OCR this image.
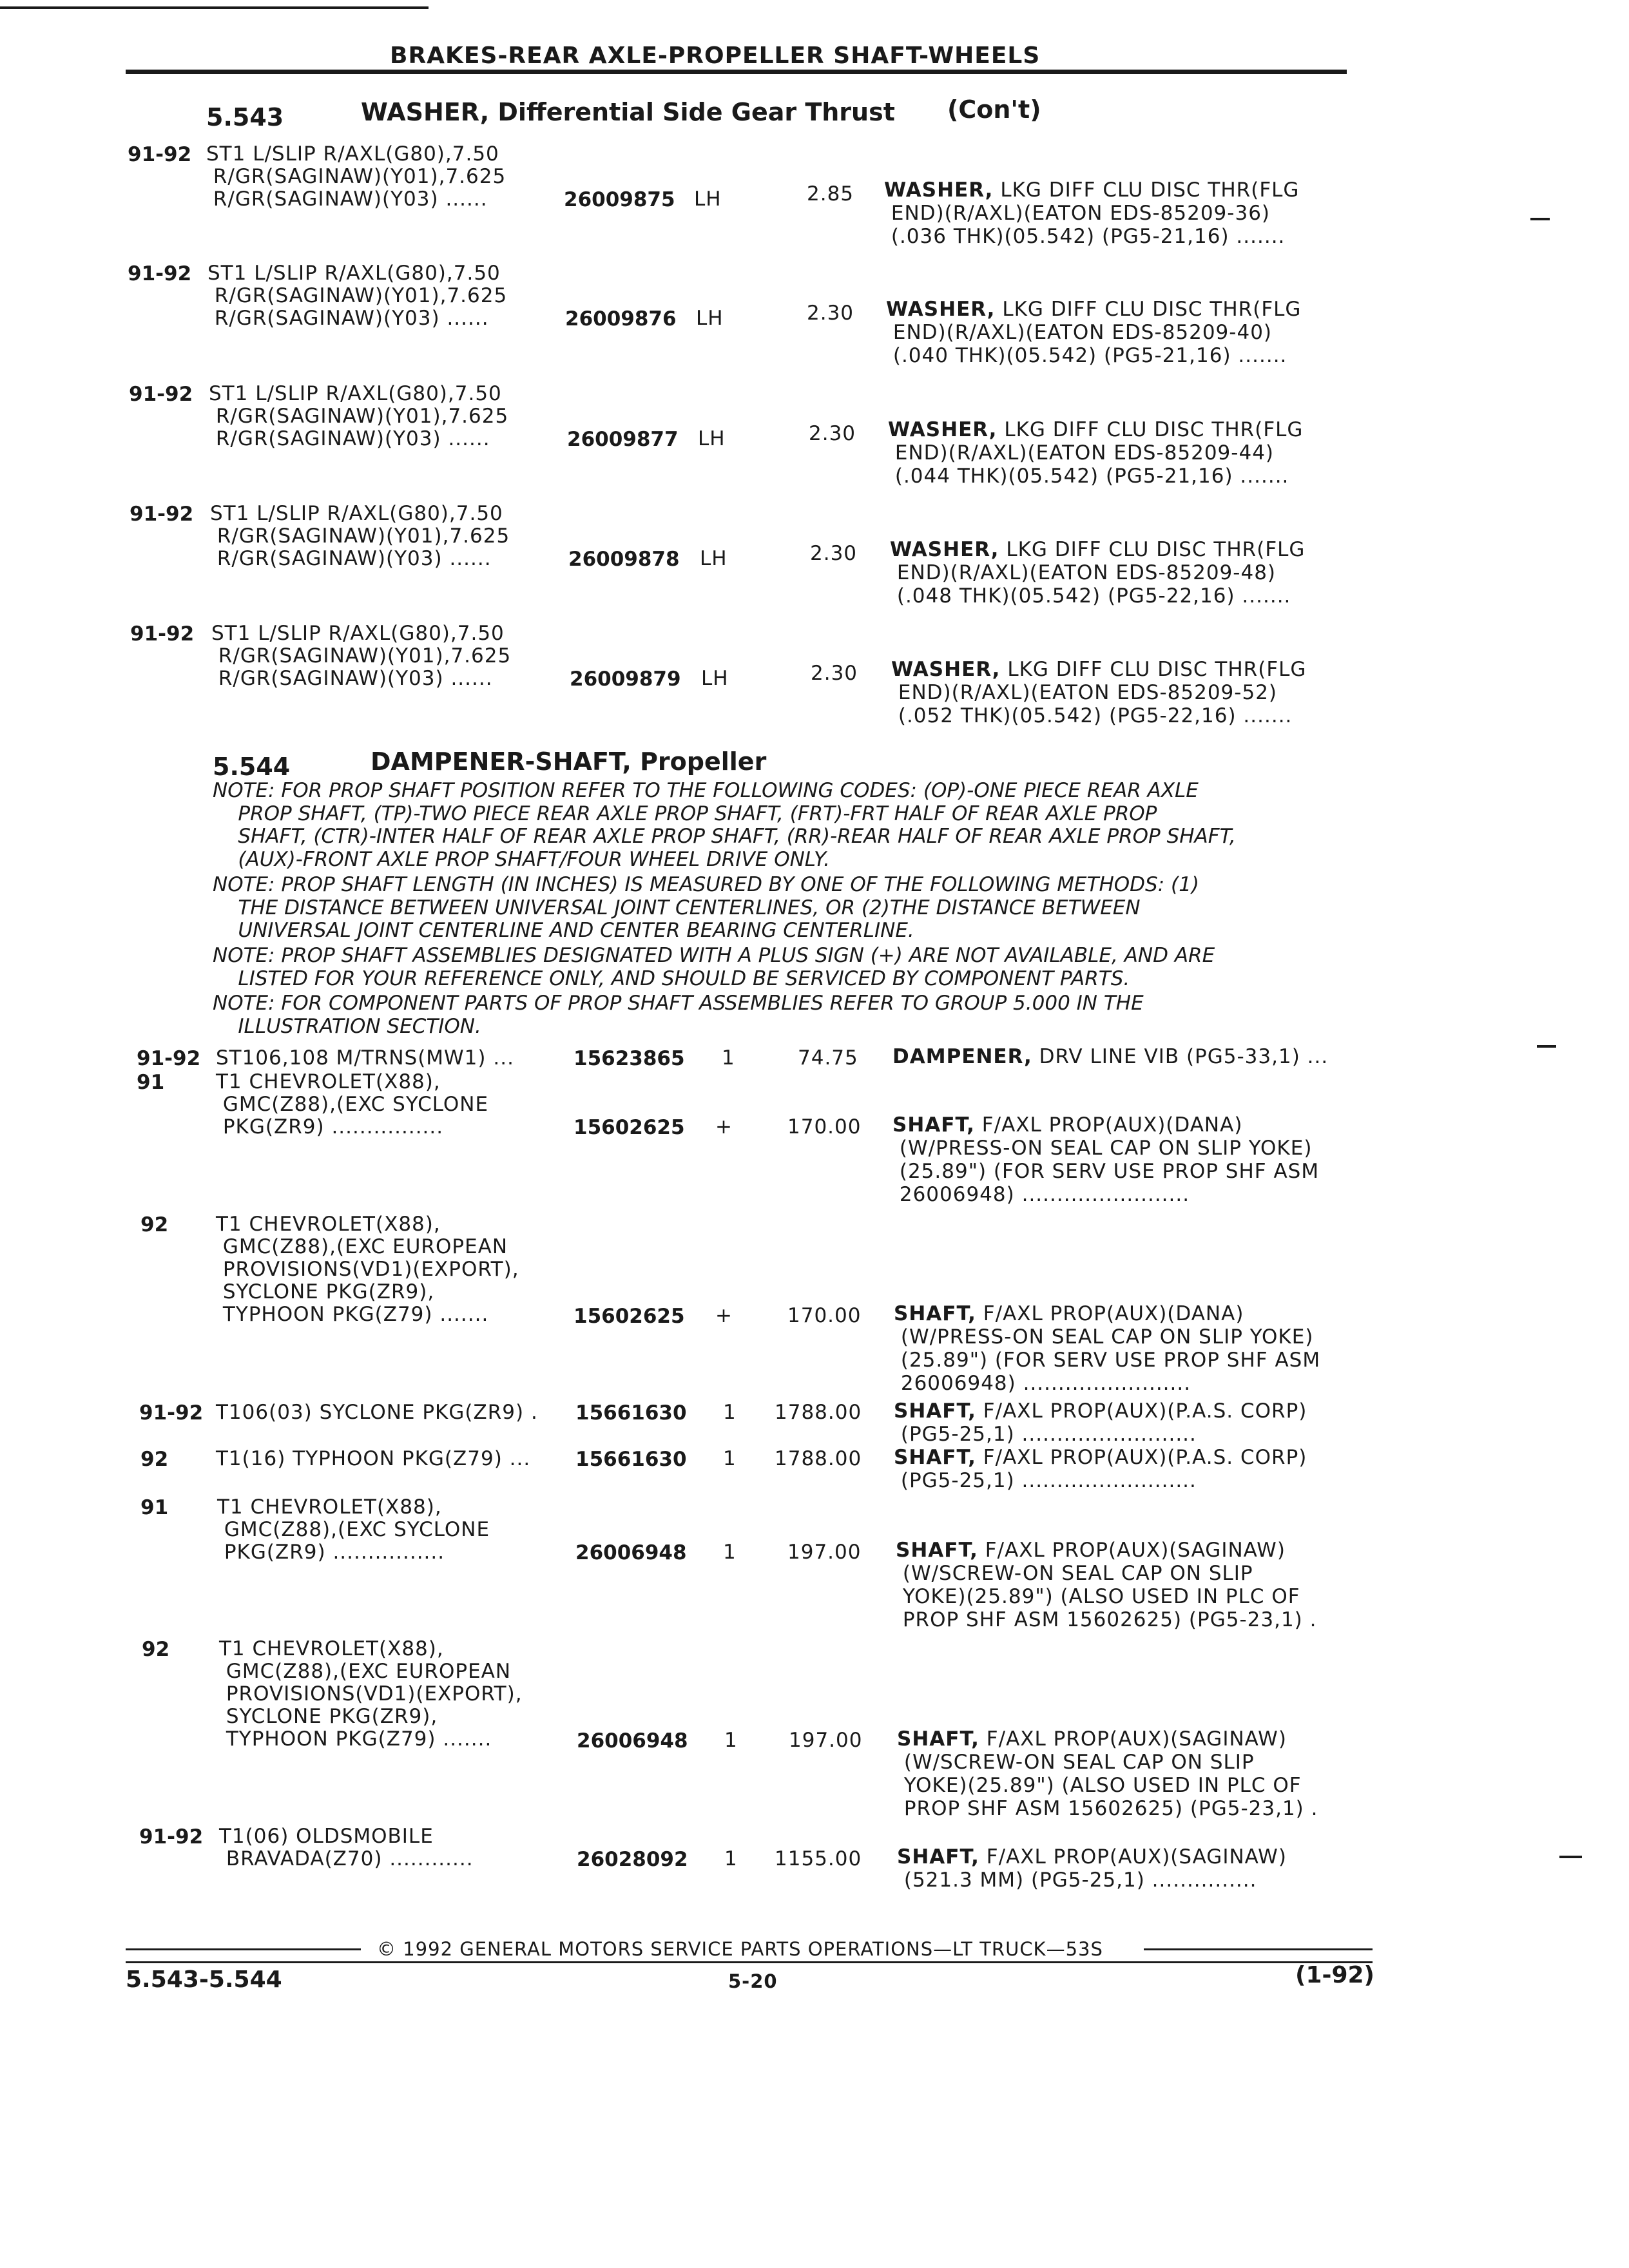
BRAKES-REAR AXLE-PROPELLER SHAFT-WHEELS
5.543	WASHER, Differential Side Gear Thrust (Con't)
91-92 ST1 L/SLIP R/AXL(G80),7.50
R/GR(SAGINAW)(Y01),7.625
R/GR(SAGINAW)(Y03) ......	26009875 LH	2.85 WASHER, LKG DIFF CLU DISC THR(FLG
END)(R/AXL)(EATON EDS-85209-36)
(.036 THK)(05.542) (PG5-21,16) .......
91-92 ST1 L/SLIP R/AXL(G80),7.50
R/GR(SAGINAW)(Y01),7.625
R/GR(SAGINAW)(Y03) ......	26009876 LH	2.30 WASHER, LKG DIFF CLU DISC THR(FLG
END)(R/AXL)(EATON EDS-85209-40)
(.040 THK)(05.542) (PG5-21,16) .......
91-92 ST1 L/SLIP R/AXL(G80),7.50
R/GR(SAGINAW)(Y01),7.625
R/GR(SAGINAW)(Y03) ......	26009877 LH	2.30 WASHER, LKG DIFF CLU DISC THR(FLG
END)(R/AXL)(EATON EDS-85209-44)
(.044 THK)(05.542) (PG5-21,16) .......
91-92 ST1 L/SLIP R/AXL(G80),7.50
R/GR(SAGINAW)(Y01),7.625
R/GR(SAGINAW)(Y03) ......	26009878 LH	2.30 WASHER, LKG DIFF CLU DISC THR(FLG
END)(R/AXL)(EATON EDS-85209-48)
(.048 THK)(05.542) (PG5-22,16) .......
91-92 ST1 L/SLIP R/AXL(G80),7.50
R/GR(SAGINAW)(Y01),7.625
R/GR(SAGINAW)(Y03) ......	26009879 LH	2.30 WASHER, LKG DIFF CLU DISC THR(FLG
END)(R/AXL)(EATON EDS-85209-52)
(.052 THK)(05.542) (PG5-22,16) .......
5.544	DAMPENER-SHAFT, Propeller
NOTE: FOR PROP SHAFT POSITION REFER TO THE FOLLOWING CODES: (OP)-ONE PIECE REAR AXLE
PROP SHAFT, (TP)-TWO PIECE REAR AXLE PROP SHAFT, (FRT)-FRT HALF OF REAR AXLE PROP
SHAFT, (CTR)-INTER HALF OF REAR AXLE PROP SHAFT, (RR)-REAR HALF OF REAR AXLE PROP SHAFT,
(AUX)-FRONT AXLE PROP SHAFT/FOUR WHEEL DRIVE ONLY.
NOTE: PROP SHAFT LENGTH (IN INCHES) IS MEASURED BY ONE OF THE FOLLOWING METHODS: (1)
THE DISTANCE BETWEEN UNIVERSAL JOINT CENTERLINES, OR (2)THE DISTANCE BETWEEN
UNIVERSAL JOINT CENTERLINE AND CENTER BEARING CENTERLINE.
NOTE: PROP SHAFT ASSEMBLIES DESIGNATED WITH A PLUS SIGN (+) ARE NOT AVAILABLE, AND ARE
LISTED FOR YOUR REFERENCE ONLY, AND SHOULD BE SERVICED BY COMPONENT PARTS.
NOTE: FOR COMPONENT PARTS OF PROP SHAFT ASSEMBLIES REFER TO GROUP 5.000 IN THE
ILLUSTRATION SECTION.
91-92 ST106,108 M/TRNS(MW1) ...	15623865 1	74.75 DAMPENER, DRV LINE VIB (PG5-33,1) ...
91	T1 CHEVROLET(X88),
GMC(Z88),(EXC SYCLONE
PKG(ZR9) ................	15602625 +	170.00 SHAFT, F/AXL PROP(AUX)(DANA)
(W/PRESS-ON SEAL CAP ON SLIP YOKE)
(25.89") (FOR SERV USE PROP SHF ASM
26006948) ........................
92 T1 CHEVROLET(X88),
GMC(Z88),(EXC EUROPEAN
PROVISIONS(VD1)(EXPORT),
SYCLONE PKG(ZR9),
TYPHOON PKG(Z79) .......	15602625 +	170.00 SHAFT, F/AXL PROP(AUX)(DANA)
(W/PRESS-ON SEAL CAP ON SLIP YOKE)
(25.89") (FOR SERV USE PROP SHF ASM
26006948) ........................
91-92 T106(03) SYCLONE PKG(ZR9) . 15661630 1 1788.00 SHAFT, F/AXL PROP(AUX)(P.A.S. CORP)
(PG5-25,1) .........................
92 T1(16) TYPHOON PKG(Z79) ... 15661630 1 1788.00 SHAFT, F/AXL PROP(AUX)(P.A.S. CORP)
(PG5-25,1) .........................
91 T1 CHEVROLET(X88),
GMC(Z88),(EXC SYCLONE
PKG(ZR9) ................	26006948 1	197.00 SHAFT, F/AXL PROP(AUX)(SAGINAW)
(W/SCREW-ON SEAL CAP ON SLIP
YOKE)(25.89") (ALSO USED IN PLC OF
PROP SHF ASM 15602625) (PG5-23,1) .
92 T1 CHEVROLET(X88),
GMC(Z88),(EXC EUROPEAN
PROVISIONS(VD1)(EXPORT),
SYCLONE PKG(ZR9),
TYPHOON PKG(Z79) .......	26006948 1	197.00 SHAFT, F/AXL PROP(AUX)(SAGINAW)
(W/SCREW-ON SEAL CAP ON SLIP
YOKE)(25.89") (ALSO USED IN PLC OF
PROP SHF ASM 15602625) (PG5-23,1) .
91-92 T1(06) OLDSMOBILE
BRAVADA(Z70) ............	26028092 1 1155.00 SHAFT, F/AXL PROP(AUX)(SAGINAW)
(521.3 MM) (PG5-25,1) ...............
© 1992 GENERAL MOTORS SERVICE PARTS OPERATIONS—LT TRUCK—53S
5.543-5.544	5-20	(1-92)
